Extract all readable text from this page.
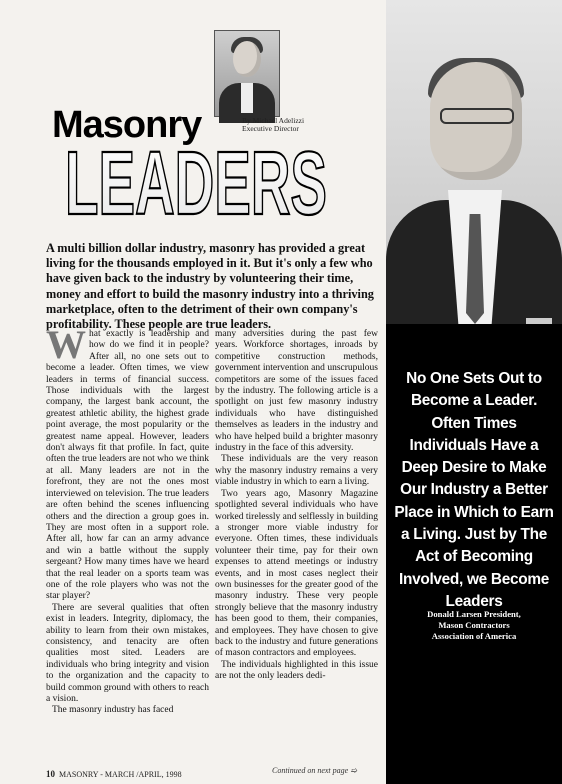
By Michael Adelizzi
Executive Director
Masonry
LEADERS

A multi billion dollar industry, masonry has provided a great living for the thousands employed in it. But it's only a few who have given back to the industry by volunteering their time, money and effort to build the masonry industry into a thriving marketplace, often to the detriment of their own company's profitability. These people are true leaders.

What exactly is leadership and how do we find it in people? After all, no one sets out to become a leader. Often times, we view leaders in terms of financial success. Those individuals with the largest company, the largest bank account, the greatest athletic ability, the highest grade point average, the most popularity or the greatest name appeal. However, leaders don't always fit that profile. In fact, quite often the true leaders are not who we think at all. Many leaders are not in the forefront, they are not the ones most interviewed on television. The true leaders are often behind the scenes influencing others and the direction a group goes in. They are most often in a support role. After all, how far can an army advance and win a battle without the supply sergeant? How many times have we heard that the real leader on a sports team was one of the role players who was not the star player?

There are several qualities that often exist in leaders. Integrity, diplomacy, the ability to learn from their own mistakes, consistency, and tenacity are often qualities most sited. Leaders are individuals who bring integrity and vision to the organization and the capacity to build common ground with others to reach a vision.

The masonry industry has faced

many adversities during the past few years. Workforce shortages, inroads by competitive construction methods, government intervention and unscrupulous competitors are some of the issues faced by the industry. The following article is a spotlight on just few masonry industry individuals who have distinguished themselves as leaders in the industry and who have helped build a brighter masonry industry in the face of this adversity.

These individuals are the very reason why the masonry industry remains a very viable industry in which to earn a living.

Two years ago, Masonry Magazine spotlighted several individuals who have worked tirelessly and selflessly in building a stronger more viable industry for everyone. Often times, these individuals volunteer their time, pay for their own expenses to attend meetings or industry events, and in most cases neglect their own businesses for the greater good of the masonry industry. These very people strongly believe that the masonry industry has been good to them, their companies, and employees. They have chosen to give back to the industry and future generations of mason contractors and employees.

The individuals highlighted in this issue are not the only leaders dedi-

Continued on next page ➯
10 MASONRY - MARCH /APRIL, 1998

No One Sets Out to Become a Leader. Often Times Individuals Have a Deep Desire to Make Our Industry a Better Place in Which to Earn a Living. Just by The Act of Becoming Involved, we Become Leaders

Donald Larsen President,
Mason Contractors
Association of America
